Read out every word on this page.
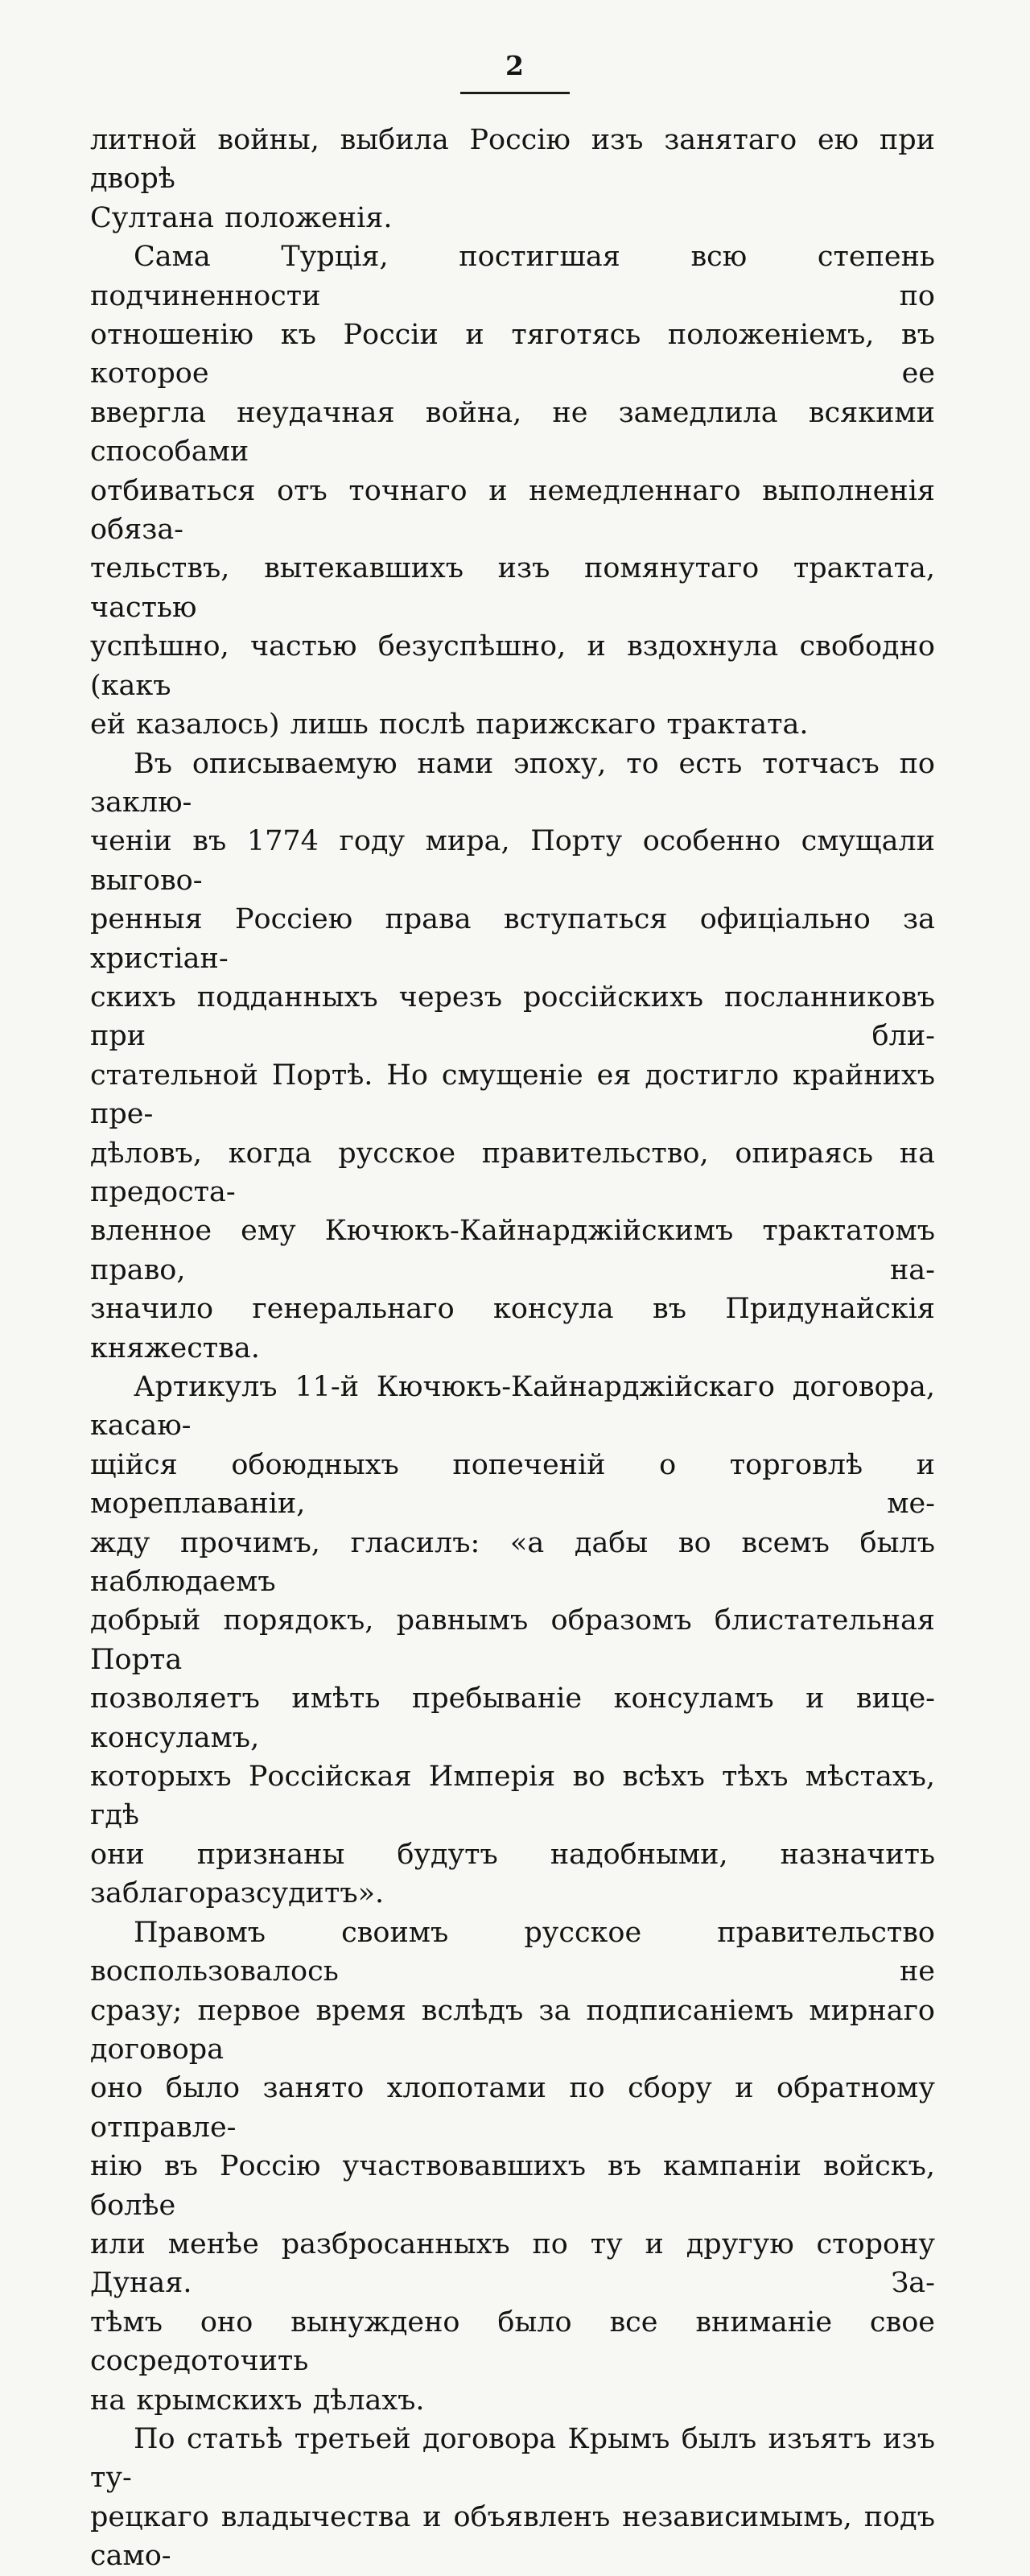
2
литной войны, выбила Россію изъ занятаго ею при дворѣ
Султана положенія.
Сама Турція, постигшая всю степень подчиненности по
отношенію къ Россіи и тяготясь положеніемъ, въ которое ее
ввергла неудачная война, не замедлила всякими способами
отбиваться отъ точнаго и немедленнаго выполненія обяза-
тельствъ, вытекавшихъ изъ помянутаго трактата, частью
успѣшно, частью безуспѣшно, и вздохнула свободно (какъ
ей казалось) лишь послѣ парижскаго трактата.
Въ описываемую нами эпоху, то есть тотчасъ по заклю-
ченіи въ 1774 году мира, Порту особенно смущали выгово-
ренныя Россіею права вступаться офиціально за христіан-
скихъ подданныхъ черезъ россійскихъ посланниковъ при бли-
стательной Портѣ. Но смущеніе ея достигло крайнихъ пре-
дѣловъ, когда русское правительство, опираясь на предоста-
вленное ему Кючюкъ-Кайнарджійскимъ трактатомъ право, на-
значило генеральнаго консула въ Придунайскія княжества.
Артикулъ 11-й Кючюкъ-Кайнарджійскаго договора, касаю-
щійся обоюдныхъ попеченій о торговлѣ и мореплаваніи, ме-
жду прочимъ, гласилъ: «а дабы во всемъ былъ наблюдаемъ
добрый порядокъ, равнымъ образомъ блистательная Порта
позволяетъ имѣть пребываніе консуламъ и вице-консуламъ,
которыхъ Россійская Имперія во всѣхъ тѣхъ мѣстахъ, гдѣ
они признаны будутъ надобными, назначить заблагоразсудитъ».
Правомъ своимъ русское правительство воспользовалось не
сразу; первое время вслѣдъ за подписаніемъ мирнаго договора
оно было занято хлопотами по сбору и обратному отправле-
нію въ Россію участвовавшихъ въ кампаніи войскъ, болѣе
или менѣе разбросанныхъ по ту и другую сторону Дуная. За-
тѣмъ оно вынуждено было все вниманіе свое сосредоточить
на крымскихъ дѣлахъ.
По статьѣ третьей договора Крымъ былъ изъятъ изъ ту-
рецкаго владычества и объявленъ независимымъ, подъ само-
